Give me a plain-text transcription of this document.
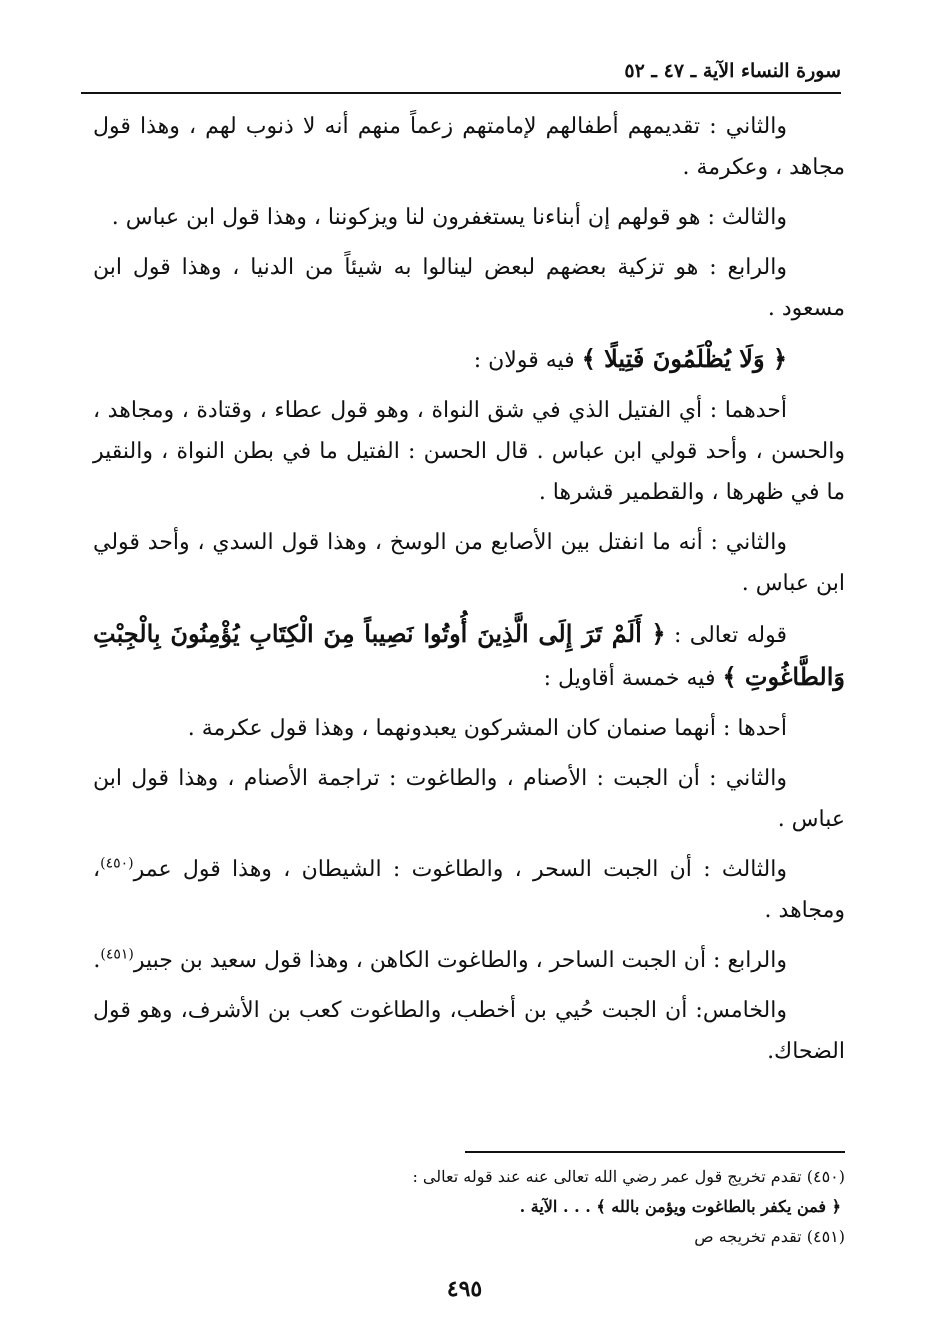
سورة النساء الآية ـ ٤٧ ـ ٥٢

والثاني : تقديمهم أطفالهم لإمامتهم زعماً منهم أنه لا ذنوب لهم ، وهذا قول مجاهد ، وعكرمة .

والثالث : هو قولهم إن أبناءنا يستغفرون لنا ويزكوننا ، وهذا قول ابن عباس .

والرابع : هو تزكية بعضهم لبعض لينالوا به شيئاً من الدنيا ، وهذا قول ابن مسعود .

﴿ وَلَا يُظْلَمُونَ فَتِيلًا ﴾ فيه قولان :

أحدهما : أي الفتيل الذي في شق النواة ، وهو قول عطاء ، وقتادة ، ومجاهد ، والحسن ، وأحد قولي ابن عباس . قال الحسن : الفتيل ما في بطن النواة ، والنقير ما في ظهرها ، والقطمير قشرها .

والثاني : أنه ما انفتل بين الأصابع من الوسخ ، وهذا قول السدي ، وأحد قولي ابن عباس .

قوله تعالى : ﴿ أَلَمْ تَرَ إِلَى الَّذِينَ أُوتُوا نَصِيباً مِنَ الْكِتَابِ يُؤْمِنُونَ بِالْجِبْتِ وَالطَّاغُوتِ ﴾ فيه خمسة أقاويل :

أحدها : أنهما صنمان كان المشركون يعبدونهما ، وهذا قول عكرمة .

والثاني : أن الجبت : الأصنام ، والطاغوت : تراجمة الأصنام ، وهذا قول ابن عباس .

والثالث : أن الجبت السحر ، والطاغوت : الشيطان ، وهذا قول عمر$^{(٤٥٠)}$، ومجاهد .

والرابع : أن الجبت الساحر ، والطاغوت الكاهن ، وهذا قول سعيد بن جبير$^{(٤٥١)}$.

والخامس: أن الجبت حُيي بن أخطب، والطاغوت كعب بن الأشرف، وهو قول الضحاك.

(٤٥٠) تقدم تخريج قول عمر رضي الله تعالى عنه عند قوله تعالى :

﴿ فمن يكفر بالطاغوت ويؤمن بالله ﴾ . . . الآية .

(٤٥١) تقدم تخريجه ص

٤٩٥
